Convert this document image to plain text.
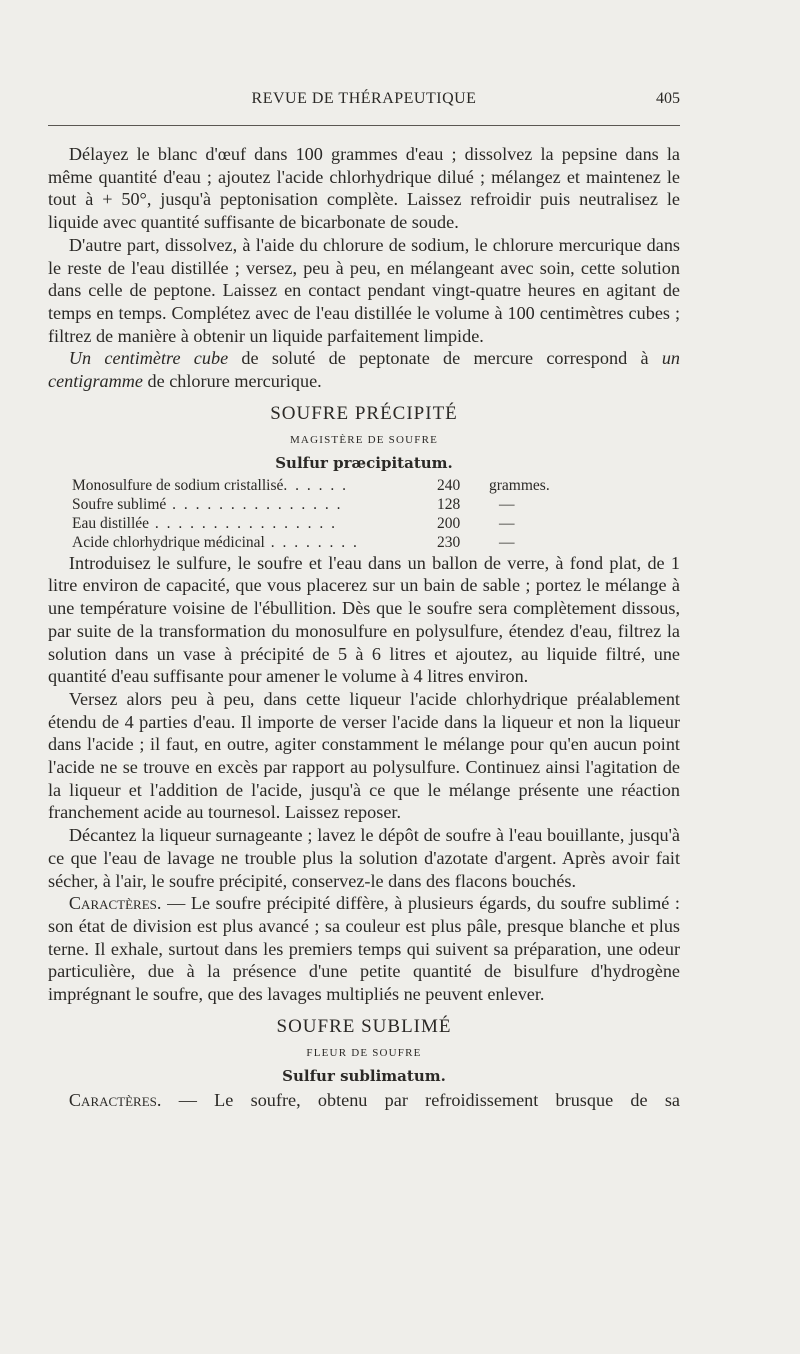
REVUE DE THÉRAPEUTIQUE	405

Délayez le blanc d'œuf dans 100 grammes d'eau ; dissolvez la pepsine dans la même quantité d'eau ; ajoutez l'acide chlorhydrique dilué ; mélangez et maintenez le tout à + 50°, jusqu'à peptonisation complète. Laissez refroidir puis neutralisez le liquide avec quantité suffisante de bicarbonate de soude.

D'autre part, dissolvez, à l'aide du chlorure de sodium, le chlorure mercurique dans le reste de l'eau distillée ; versez, peu à peu, en mélangeant avec soin, cette solution dans celle de peptone. Laissez en contact pendant vingt-quatre heures en agitant de temps en temps. Complétez avec de l'eau distillée le volume à 100 centimètres cubes ; filtrez de manière à obtenir un liquide parfaitement limpide.

Un centimètre cube de soluté de peptonate de mercure correspond à un centigramme de chlorure mercurique.

SOUFRE PRÉCIPITÉ
MAGISTÈRE DE SOUFRE
Sulfur præcipitatum.
Monosulfure de sodium cristallisé. . . . . .	240	grammes.
Soufre sublimé . . . . . . . . . . . . . . .	128	—
Eau distillée . . . . . . . . . . . . . . . .	200	—
Acide chlorhydrique médicinal . . . . . . . .	230	—

Introduisez le sulfure, le soufre et l'eau dans un ballon de verre, à fond plat, de 1 litre environ de capacité, que vous placerez sur un bain de sable ; portez le mélange à une température voisine de l'ébullition. Dès que le soufre sera complètement dissous, par suite de la transformation du monosulfure en polysulfure, étendez d'eau, filtrez la solution dans un vase à précipité de 5 à 6 litres et ajoutez, au liquide filtré, une quantité d'eau suffisante pour amener le volume à 4 litres environ.

Versez alors peu à peu, dans cette liqueur l'acide chlorhydrique préalablement étendu de 4 parties d'eau. Il importe de verser l'acide dans la liqueur et non la liqueur dans l'acide ; il faut, en outre, agiter constamment le mélange pour qu'en aucun point l'acide ne se trouve en excès par rapport au polysulfure. Continuez ainsi l'agitation de la liqueur et l'addition de l'acide, jusqu'à ce que le mélange présente une réaction franchement acide au tournesol. Laissez reposer.

Décantez la liqueur surnageante ; lavez le dépôt de soufre à l'eau bouillante, jusqu'à ce que l'eau de lavage ne trouble plus la solution d'azotate d'argent. Après avoir fait sécher, à l'air, le soufre précipité, conservez-le dans des flacons bouchés.

Caractères. — Le soufre précipité diffère, à plusieurs égards, du soufre sublimé : son état de division est plus avancé ; sa couleur est plus pâle, presque blanche et plus terne. Il exhale, surtout dans les premiers temps qui suivent sa préparation, une odeur particulière, due à la présence d'une petite quantité de bisulfure d'hydrogène imprégnant le soufre, que des lavages multipliés ne peuvent enlever.

SOUFRE SUBLIMÉ
FLEUR DE SOUFRE
Sulfur sublimatum.

Caractères. — Le soufre, obtenu par refroidissement brusque de sa
